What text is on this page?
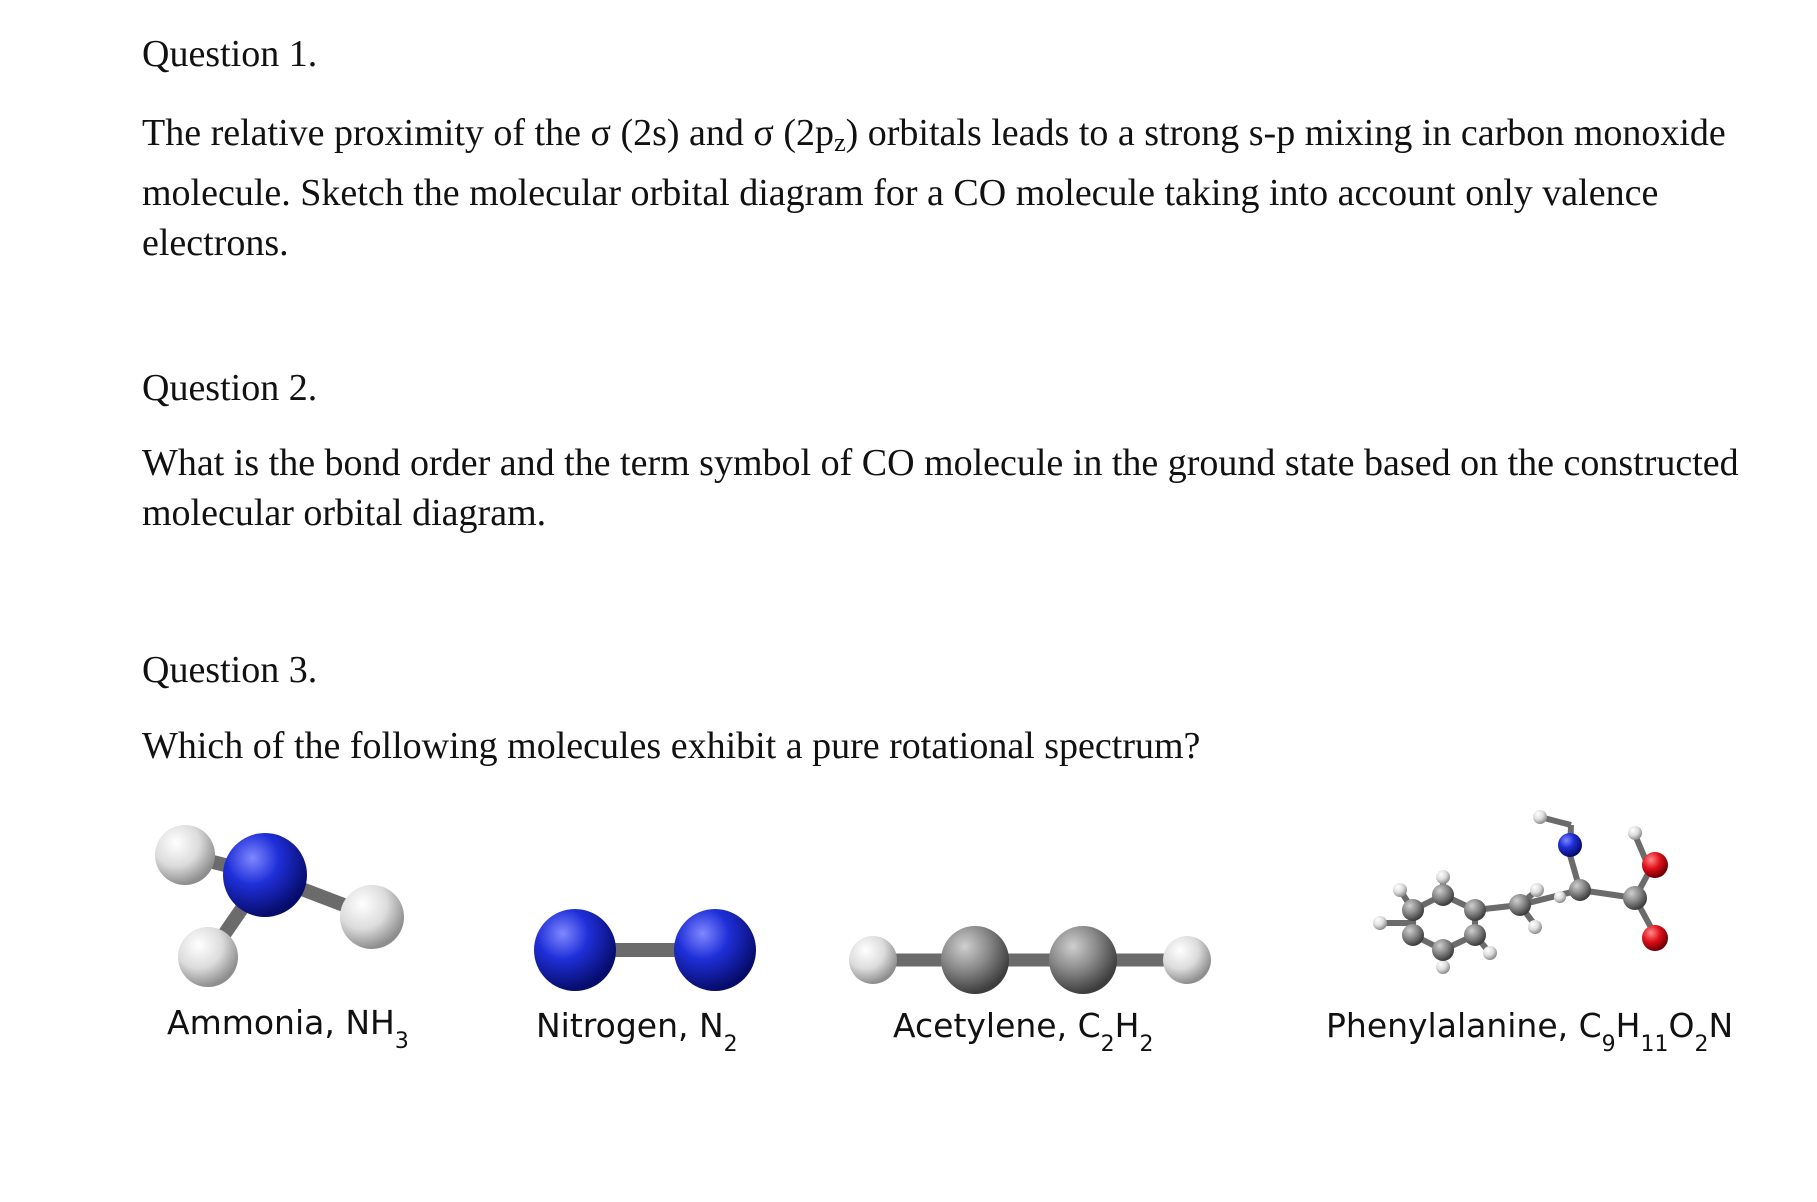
Question 1.

The relative proximity of the σ (2s) and σ (2pz) orbitals leads to a strong s-p mixing in carbon monoxide molecule. Sketch the molecular orbital diagram for a CO molecule taking into account only valence electrons.

Question 2.

What is the bond order and the term symbol of CO molecule in the ground state based on the constructed molecular orbital diagram.

Question 3.

Which of the following molecules exhibit a pure rotational spectrum?

Ammonia, $NH_3$	Nitrogen, $N_2$	Acetylene, $C_2H_2$	Phenylalanine, $C_9H_{11}O_2N$
